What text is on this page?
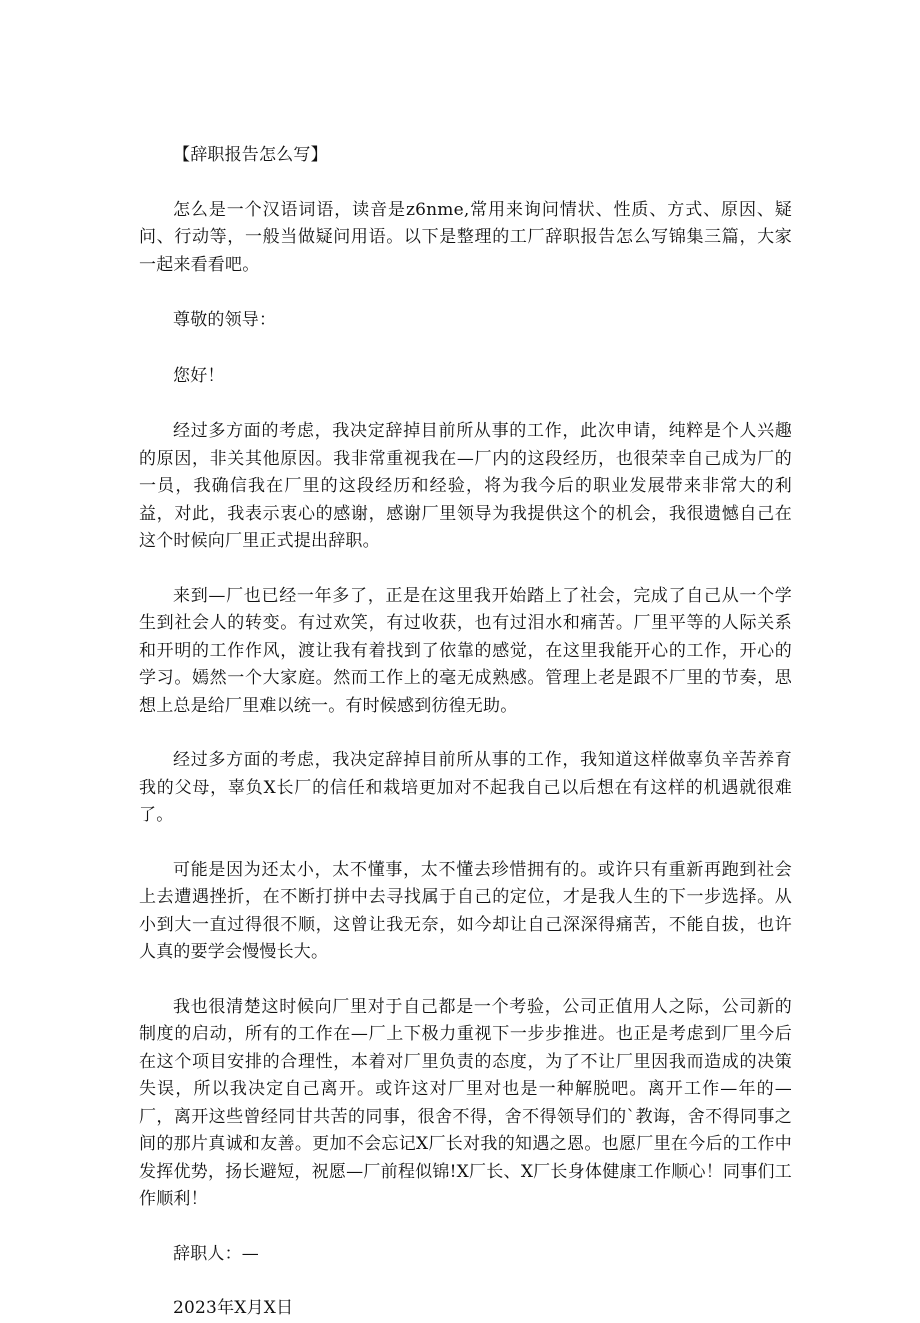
【辞职报告怎么写】

怎么是一个汉语词语，读音是z6nme,常用来询问情状、性质、方式、原因、疑问、行动等，一般当做疑问用语。以下是整理的工厂辞职报告怎么写锦集三篇，大家一起来看看吧。

尊敬的领导：

您好！

经过多方面的考虑，我决定辞掉目前所从事的工作，此次申请，纯粹是个人兴趣的原因，非关其他原因。我非常重视我在—厂内的这段经历，也很荣幸自己成为厂的一员，我确信我在厂里的这段经历和经验，将为我今后的职业发展带来非常大的利益，对此，我表示衷心的感谢，感谢厂里领导为我提供这个的机会，我很遗憾自己在这个时候向厂里正式提出辞职。

来到—厂也已经一年多了，正是在这里我开始踏上了社会，完成了自己从一个学生到社会人的转变。有过欢笑，有过收获，也有过泪水和痛苦。厂里平等的人际关系和开明的工作作风，渡让我有着找到了依靠的感觉，在这里我能开心的工作，开心的学习。嫣然一个大家庭。然而工作上的毫无成熟感。管理上老是跟不厂里的节奏，思想上总是给厂里难以统一。有时候感到彷徨无助。

经过多方面的考虑，我决定辞掉目前所从事的工作，我知道这样做辜负辛苦养育我的父母，辜负X长厂的信任和栽培更加对不起我自己以后想在有这样的机遇就很难了。

可能是因为还太小，太不懂事，太不懂去珍惜拥有的。或许只有重新再跑到社会上去遭遇挫折，在不断打拼中去寻找属于自己的定位，才是我人生的下一步选择。从小到大一直过得很不顺，这曾让我无奈，如今却让自己深深得痛苦，不能自拔，也许人真的要学会慢慢长大。

我也很清楚这时候向厂里对于自己都是一个考验，公司正值用人之际，公司新的制度的启动，所有的工作在—厂上下极力重视下一步步推进。也正是考虑到厂里今后在这个项目安排的合理性，本着对厂里负责的态度，为了不让厂里因我而造成的决策失误，所以我决定自己离开。或许这对厂里对也是一种解脱吧。离开工作—年的—厂，离开这些曾经同甘共苦的同事，很舍不得，舍不得领导们的`教诲，舍不得同事之间的那片真诚和友善。更加不会忘记X厂长对我的知遇之恩。也愿厂里在今后的工作中发挥优势，扬长避短，祝愿—厂前程似锦!X厂长、X厂长身体健康工作顺心！同事们工作顺利！

辞职人：—

2023年X月X日
